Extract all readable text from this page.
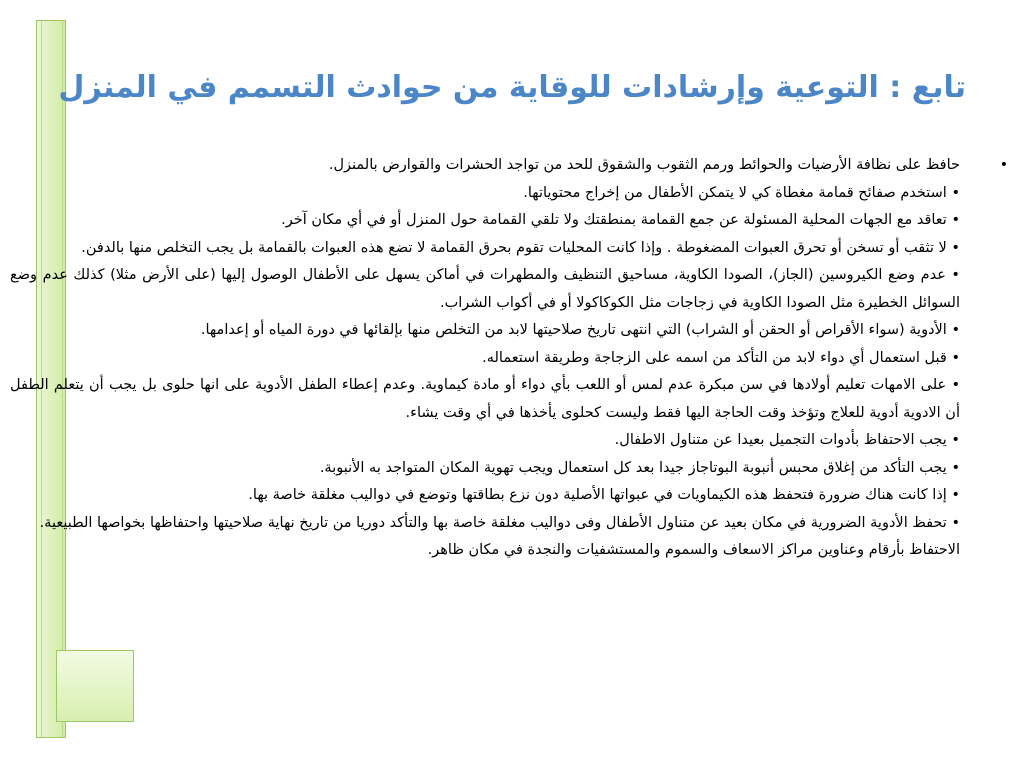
تابع : التوعية وإرشادات للوقاية من حوادث التسمم في المنزل
•

حافظ على نظافة الأرضيات والحوائط ورمم الثقوب والشقوق للحد من تواجد الحشرات والقوارض بالمنزل.

• استخدم صفائح قمامة مغطاة كي لا يتمكن الأطفال من إخراج محتوياتها.

• تعاقد مع الجهات المحلية المسئولة عن جمع القمامة بمنطقتك ولا تلقي القمامة حول المنزل أو في أي مكان آخر.

• لا تثقب أو تسخن أو تحرق العبوات المضغوطة . وإذا كانت المحليات تقوم بحرق القمامة لا تضع هذه العبوات بالقمامة بل يجب التخلص منها بالدفن.

• عدم وضع الكيروسين (الجاز)، الصودا الكاوية، مساحيق التنظيف والمطهرات في أماكن يسهل على الأطفال الوصول إليها (على الأرض مثلا) كذلك عدم وضع السوائل الخطيرة مثل الصودا الكاوية في زجاجات مثل الكوكاكولا أو في أكواب الشراب.

• الأدوية (سواء الأقراص أو الحقن أو الشراب) التي انتهى تاريخ صلاحيتها لابد من التخلص منها بإلقائها في دورة المياه أو إعدامها.

• قبل استعمال أي دواء لابد من التأكد من اسمه على الزجاجة وطريقة استعماله.

• على الامهات تعليم أولادها في سن مبكرة عدم لمس أو اللعب بأي دواء أو مادة كيماوية. وعدم إعطاء الطفل الأدوية على انها حلوى بل يجب أن يتعلم الطفل أن الادوية أدوية للعلاج وتؤخذ وقت الحاجة اليها فقط وليست كحلوى يأخذها في أي وقت يشاء.

• يجب الاحتفاظ بأدوات التجميل بعيدا عن متناول الاطفال.

• يجب التأكد من إغلاق محبس أنبوبة البوتاجاز جيدا بعد كل استعمال ويجب تهوية المكان المتواجد به الأنبوبة.

• إذا كانت هناك ضرورة فتحفظ هذه الكيماويات في عبواتها الأصلية دون نزع بطاقتها وتوضع في دواليب مغلقة خاصة بها.

• تحفظ الأدوية الضرورية في مكان بعيد عن متناول الأطفال وفى دواليب مغلقة خاصة بها والتأكد دوريا من تاريخ نهاية صلاحيتها واحتفاظها بخواصها الطبيعية.

الاحتفاظ بأرقام وعناوين مراكز الاسعاف والسموم والمستشفيات والنجدة في مكان ظاهر.
